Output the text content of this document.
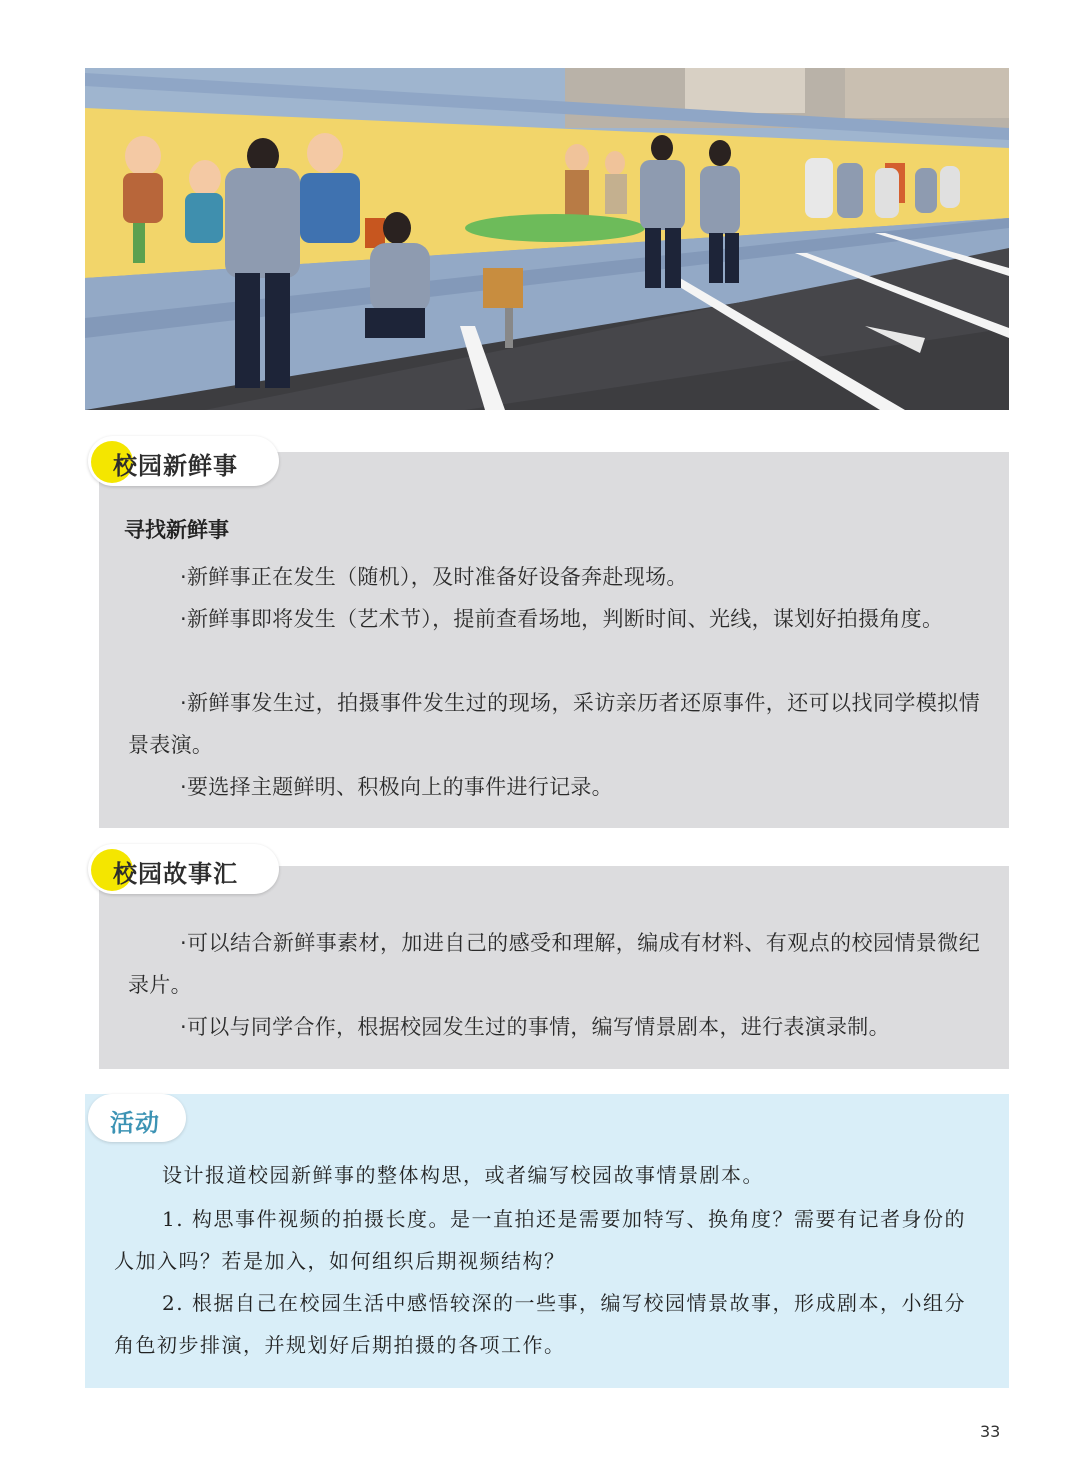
校园新鲜事
寻找新鲜事
·新鲜事正在发生（随机），及时准备好设备奔赴现场。
·新鲜事即将发生（艺术节），提前查看场地，判断时间、光线，谋划好拍摄角度。
·新鲜事发生过，拍摄事件发生过的现场，采访亲历者还原事件，还可以找同学模拟情景表演。
·要选择主题鲜明、积极向上的事件进行记录。
校园故事汇
·可以结合新鲜事素材，加进自己的感受和理解，编成有材料、有观点的校园情景微纪录片。
·可以与同学合作，根据校园发生过的事情，编写情景剧本，进行表演录制。
活动
设计报道校园新鲜事的整体构思，或者编写校园故事情景剧本。
1. 构思事件视频的拍摄长度。是一直拍还是需要加特写、换角度？需要有记者身份的人加入吗？若是加入，如何组织后期视频结构？
2. 根据自己在校园生活中感悟较深的一些事，编写校园情景故事，形成剧本，小组分角色初步排演，并规划好后期拍摄的各项工作。
33
